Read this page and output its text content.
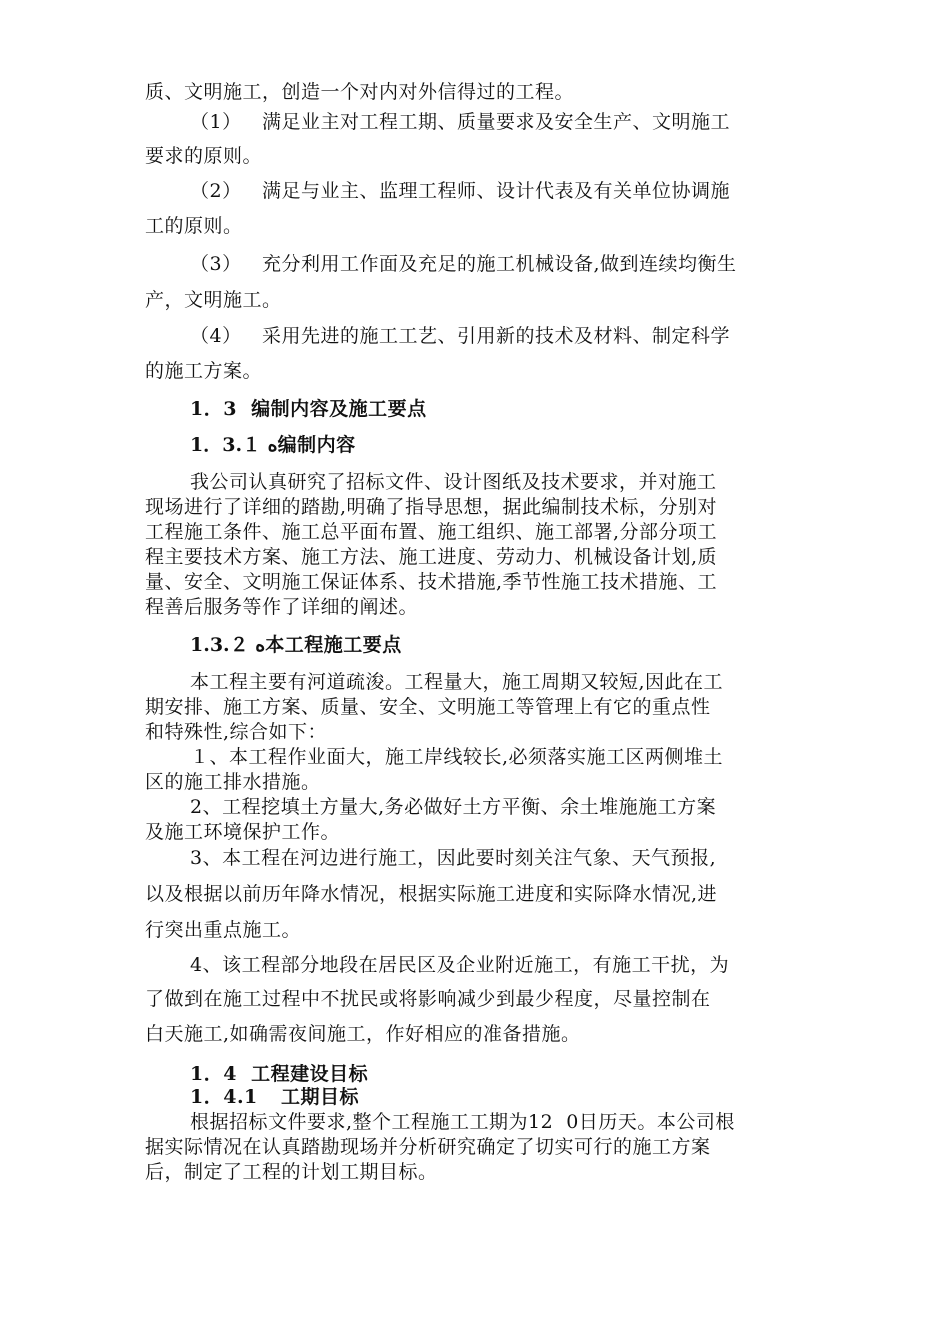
质、文明施工，创造一个对内对外信得过的工程。
（1） 满足业主对工程工期、质量要求及安全生产、文明施工
要求的原则。
（2） 满足与业主、监理工程师、设计代表及有关单位协调施
工的原则。
（3） 充分利用工作面及充足的施工机械设备,做到连续均衡生
产，文明施工。
（4） 采用先进的施工工艺、引用新的技术及材料、制定科学
的施工方案。
1．3  编制内容及施工要点
1．3.１ ﻩ编制内容
我公司认真研究了招标文件、设计图纸及技术要求，并对施工
现场进行了详细的踏勘,明确了指导思想，据此编制技术标，分别对
工程施工条件、施工总平面布置、施工组织、施工部署,分部分项工
程主要技术方案、施工方法、施工进度、劳动力、机械设备计划,质
量、安全、文明施工保证体系、技术措施,季节性施工技术措施、工
程善后服务等作了详细的阐述。
1.3.２ ﻩ本工程施工要点
本工程主要有河道疏浚。工程量大，施工周期又较短,因此在工
期安排、施工方案、质量、安全、文明施工等管理上有它的重点性
和特殊性,综合如下：
１、本工程作业面大，施工岸线较长,必须落实施工区两侧堆土
区的施工排水措施。
2、工程挖填土方量大,务必做好土方平衡、余土堆施施工方案
及施工环境保护工作。
3、本工程在河边进行施工，因此要时刻关注气象、天气预报,
以及根据以前历年降水情况，根据实际施工进度和实际降水情况,进
行突出重点施工。
4、该工程部分地段在居民区及企业附近施工，有施工干扰，为
了做到在施工过程中不扰民或将影响减少到最少程度，尽量控制在
白天施工,如确需夜间施工，作好相应的准备措施。
1．4  工程建设目标
1．4.1 工期目标
根据招标文件要求,整个工程施工工期为12  0日历天。本公司根
据实际情况在认真踏勘现场并分析研究确定了切实可行的施工方案
后，制定了工程的计划工期目标。
